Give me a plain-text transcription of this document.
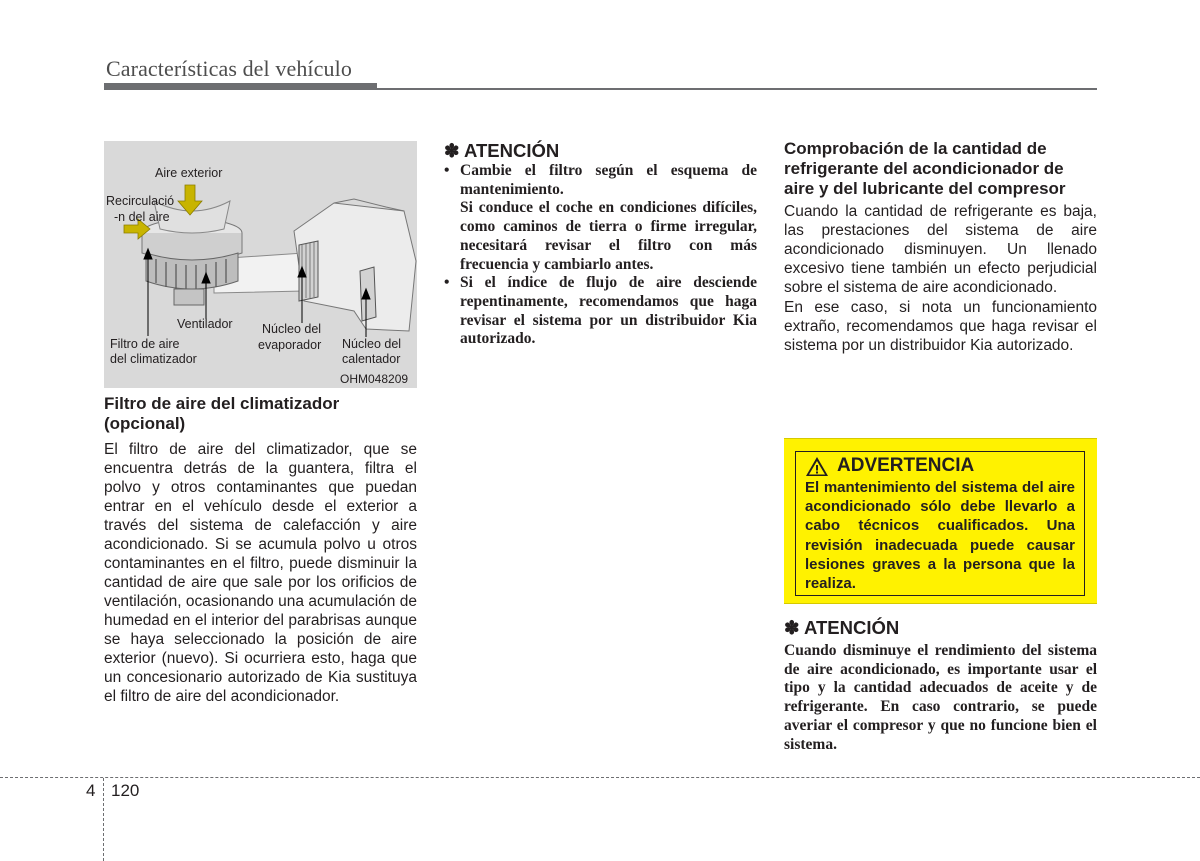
Características del vehículo
Aire exterior
Recirculació
-n del aire
Ventilador
Filtro de aire
del climatizador
Núcleo del
evaporador Núcleo del
calentador
OHM048209
Filtro de aire del climatizador (opcional)

El filtro de aire del climatizador, que se encuentra detrás de la guantera, filtra el polvo y otros contaminantes que puedan entrar en el vehículo desde el exterior a través del sistema de calefacción y aire acondicionado. Si se acumula polvo u otros contaminantes en el filtro, puede disminuir la cantidad de aire que sale por los orificios de ventilación, ocasionando una acumulación de humedad en el interior del parabrisas aunque se haya seleccionado la posición de aire exterior (nuevo). Si ocurriera esto, haga que un concesionario autorizado de Kia sustituya el filtro de aire del acondicionador.

✽ ATENCIÓN
• Cambie el filtro según el esquema de mantenimiento.
Si conduce el coche en condiciones difíciles, como caminos de tierra o firme irregular, necesitará revisar el filtro con más frecuencia y cambiarlo antes.
• Si el índice de flujo de aire desciende repentinamente, recomendamos que haga revisar el sistema por un distribuidor Kia autorizado.
Comprobación de la cantidad de refrigerante del acondicionador de aire y del lubricante del compresor

Cuando la cantidad de refrigerante es baja, las prestaciones del sistema de aire acondicionado disminuyen. Un llenado excesivo tiene también un efecto perjudicial sobre el sistema de aire acondicionado.

En ese caso, si nota un funcionamiento extraño, recomendamos que haga revisar el sistema por un distribuidor Kia autorizado.

ADVERTENCIA

El mantenimiento del sistema del aire acondicionado sólo debe llevarlo a cabo técnicos cualificados. Una revisión inadecuada puede causar lesiones graves a la persona que la realiza.

✽ ATENCIÓN

Cuando disminuye el rendimiento del sistema de aire acondicionado, es importante usar el tipo y la cantidad adecuados de aceite y de refrigerante. En caso contrario, se puede averiar el compresor y que no funcione bien el sistema.

4 120
